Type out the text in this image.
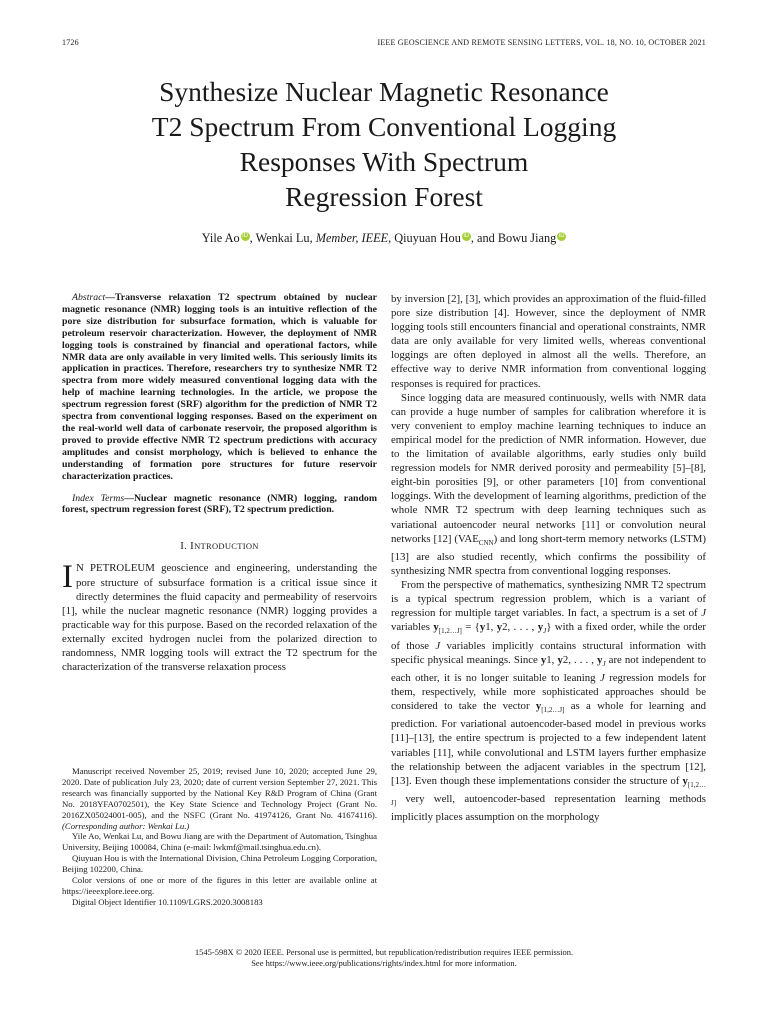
1726	IEEE GEOSCIENCE AND REMOTE SENSING LETTERS, VOL. 18, NO. 10, OCTOBER 2021
Synthesize Nuclear Magnetic Resonance
T2 Spectrum From Conventional Logging
Responses With Spectrum
Regression Forest
Yile Ao iD , Wenkai Lu, Member, IEEE, Qiuyuan Hou iD , and Bowu Jiang iD

Abstract—Transverse relaxation T2 spectrum obtained by nuclear magnetic resonance (NMR) logging tools is an intuitive reflection of the pore size distribution for subsurface formation, which is valuable for petroleum reservoir characterization. However, the deployment of NMR logging tools is constrained by financial and operational factors, while NMR data are only available in very limited wells. This seriously limits its application in practices. Therefore, researchers try to synthesize NMR T2 spectra from more widely measured conventional logging data with the help of machine learning technologies. In the article, we propose the spectrum regression forest (SRF) algorithm for the prediction of NMR T2 spectra from conventional logging responses. Based on the experiment on the real-world well data of carbonate reservoir, the proposed algorithm is proved to provide effective NMR T2 spectrum predictions with accuracy amplitudes and consist morphology, which is believed to enhance the understanding of formation pore structures for future reservoir characterization practices.

Index Terms—Nuclear magnetic resonance (NMR) logging, random forest, spectrum regression forest (SRF), T2 spectrum prediction.

I. INTRODUCTION

I N PETROLEUM geoscience and engineering, understanding the pore structure of subsurface formation is a critical issue since it directly determines the fluid capacity and permeability of reservoirs [1], while the nuclear magnetic resonance (NMR) logging provides a practicable way for this purpose. Based on the recorded relaxation of the externally excited hydrogen nuclei from the polarized direction to randomness, NMR logging tools will extract the T2 spectrum for the characterization of the transverse relaxation process

Manuscript received November 25, 2019; revised June 10, 2020; accepted June 29, 2020. Date of publication July 23, 2020; date of current version September 27, 2021. This research was financially supported by the National Key R&D Program of China (Grant No. 2018YFA0702501), the Key State Science and Technology Project (Grant No. 2016ZX05024001-005), and the NSFC (Grant No. 41974126, Grant No. 41674116). (Corresponding author: Wenkai Lu.)

Yile Ao, Wenkai Lu, and Bowu Jiang are with the Department of Automation, Tsinghua University, Beijing 100084, China (e-mail: lwkmf@mail.tsinghua.edu.cn).

Qiuyuan Hou is with the International Division, China Petroleum Logging Corporation, Beijing 102200, China.

Color versions of one or more of the figures in this letter are available online at https://ieeexplore.ieee.org.

Digital Object Identifier 10.1109/LGRS.2020.3008183

by inversion [2], [3], which provides an approximation of the fluid-filled pore size distribution [4]. However, since the deployment of NMR logging tools still encounters financial and operational constraints, NMR data are only available for very limited wells, whereas conventional loggings are often deployed in almost all the wells. Therefore, an effective way to derive NMR information from conventional logging responses is required for practices.

Since logging data are measured continuously, wells with NMR data can provide a huge number of samples for calibration wherefore it is very convenient to employ machine learning techniques to induce an empirical model for the prediction of NMR information. However, due to the limitation of available algorithms, early studies only build regression models for NMR derived porosity and permeability [5]–[8], eight-bin porosities [9], or other parameters [10] from conventional loggings. With the development of learning algorithms, prediction of the whole NMR T2 spectrum with deep learning techniques such as variational autoencoder neural networks [11] or convolution neural networks [12] $(VAE_{CNN})$ and long short-term memory networks (LSTM) [13] are also studied recently, which confirms the possibility of synthesizing NMR spectra from conventional logging responses.

From the perspective of mathematics, synthesizing NMR T2 spectrum is a typical spectrum regression problem, which is a variant of regression for multiple target variables. In fact, a spectrum is a set of J variables $y_{[1,2\dots J]} = \{y1$, y2, . . . , $y_J$} with a fixed order, while the order of those J variables implicitly contains structural information with specific physical meanings. Since y1, y2, . . . , $y_J$ are not independent to each other, it is no longer suitable to leaning J regression models for them, respectively, while more sophisticated approaches should be considered to take the vector $y_{[1,2\dots J]}$ as a whole for learning and prediction. For variational autoencoder-based model in previous works [11]–[13], the entire spectrum is projected to a few independent latent variables [11], while convolutional and LSTM layers further emphasize the relationship between the adjacent variables in the spectrum [12], [13]. Even though these implementations consider the structure of $y_{[1,2\dots J]}$ very well, autoencoder-based representation learning methods implicitly places assumption on the morphology

1545-598X © 2020 IEEE. Personal use is permitted, but republication/redistribution requires IEEE permission.
See https://www.ieee.org/publications/rights/index.html for more information.
